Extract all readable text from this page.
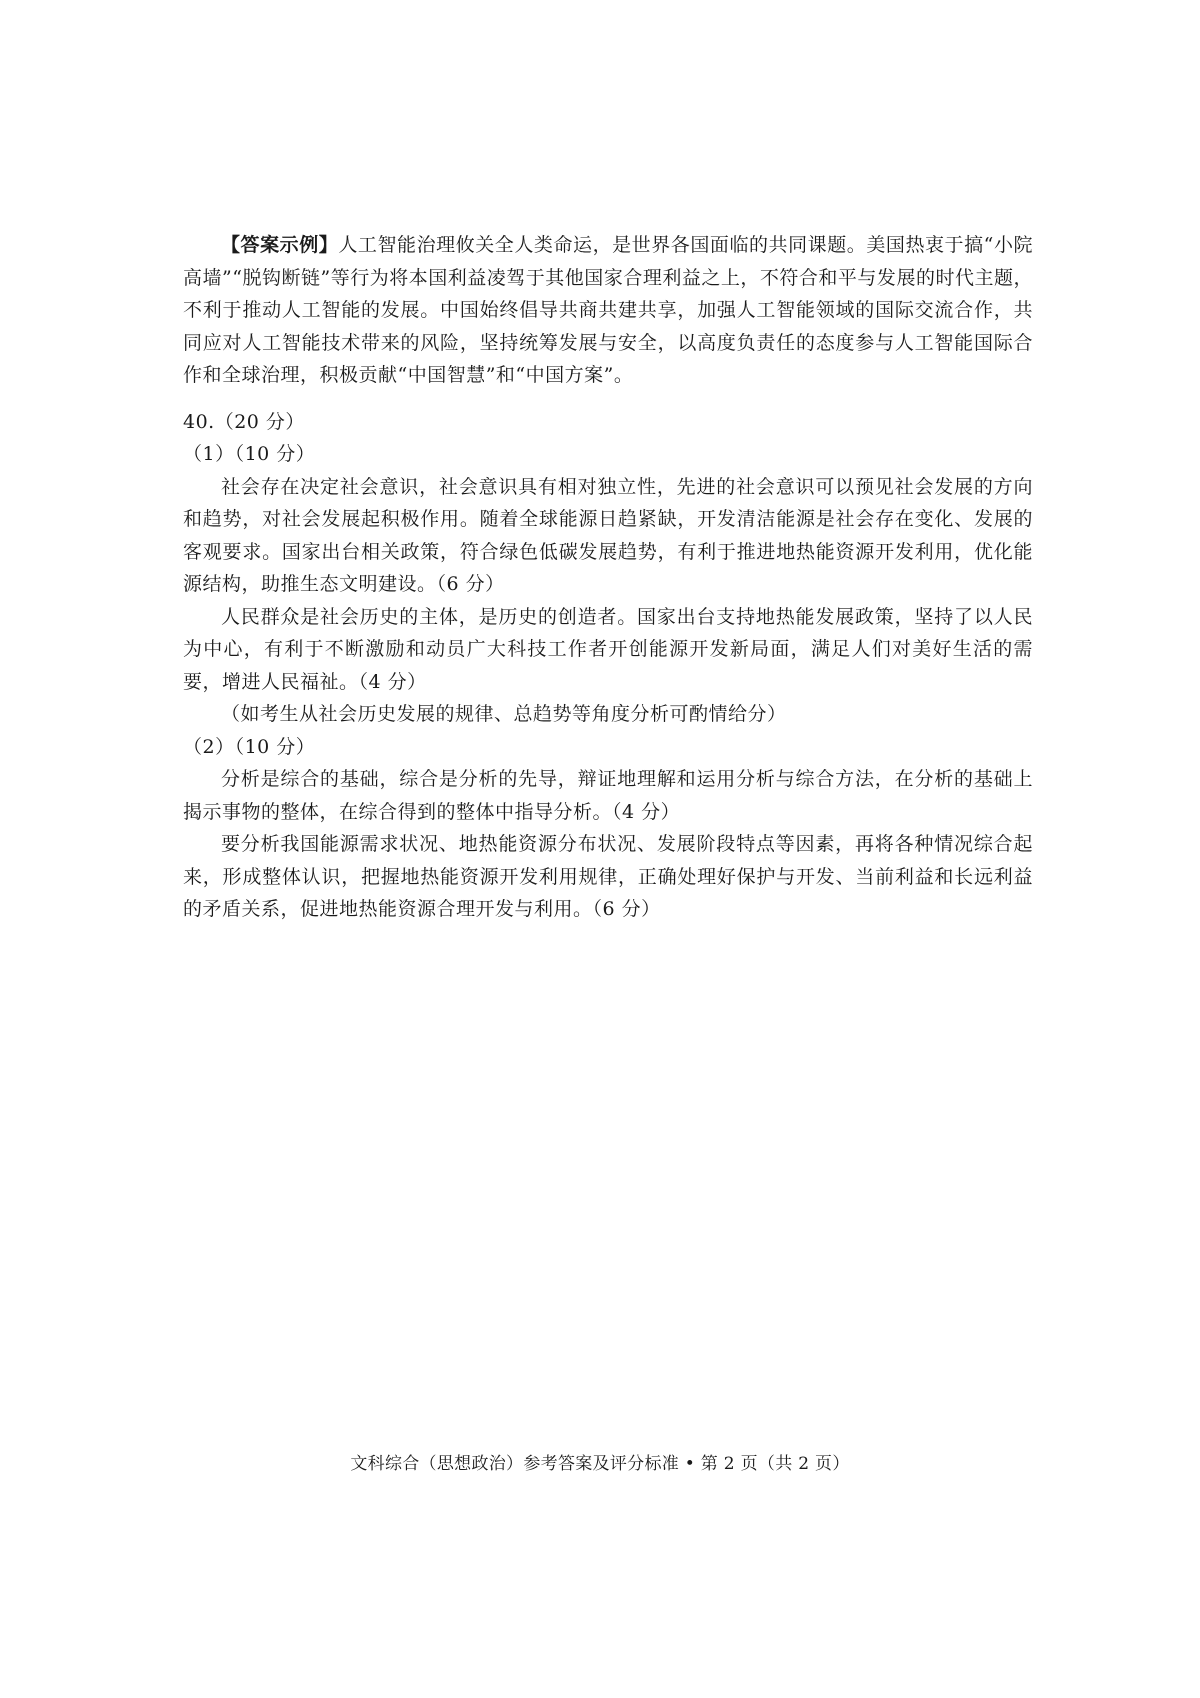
【答案示例】人工智能治理攸关全人类命运，是世界各国面临的共同课题。美国热衷于搞“小院高墙”“脱钩断链”等行为将本国利益凌驾于其他国家合理利益之上，不符合和平与发展的时代主题，不利于推动人工智能的发展。中国始终倡导共商共建共享，加强人工智能领域的国际交流合作，共同应对人工智能技术带来的风险，坚持统筹发展与安全，以高度负责任的态度参与人工智能国际合作和全球治理，积极贡献“中国智慧”和“中国方案”。

40.（20 分）

（1）（10 分）

社会存在决定社会意识，社会意识具有相对独立性，先进的社会意识可以预见社会发展的方向和趋势，对社会发展起积极作用。随着全球能源日趋紧缺，开发清洁能源是社会存在变化、发展的客观要求。国家出台相关政策，符合绿色低碳发展趋势，有利于推进地热能资源开发利用，优化能源结构，助推生态文明建设。（6 分）

人民群众是社会历史的主体，是历史的创造者。国家出台支持地热能发展政策，坚持了以人民为中心，有利于不断激励和动员广大科技工作者开创能源开发新局面，满足人们对美好生活的需要，增进人民福祉。（4 分）

（如考生从社会历史发展的规律、总趋势等角度分析可酌情给分）

（2）（10 分）

分析是综合的基础，综合是分析的先导，辩证地理解和运用分析与综合方法，在分析的基础上揭示事物的整体，在综合得到的整体中指导分析。（4 分）

要分析我国能源需求状况、地热能资源分布状况、发展阶段特点等因素，再将各种情况综合起来，形成整体认识，把握地热能资源开发利用规律，正确处理好保护与开发、当前利益和长远利益的矛盾关系，促进地热能资源合理开发与利用。（6 分）

文科综合（思想政治）参考答案及评分标准 • 第 2 页（共 2 页）
